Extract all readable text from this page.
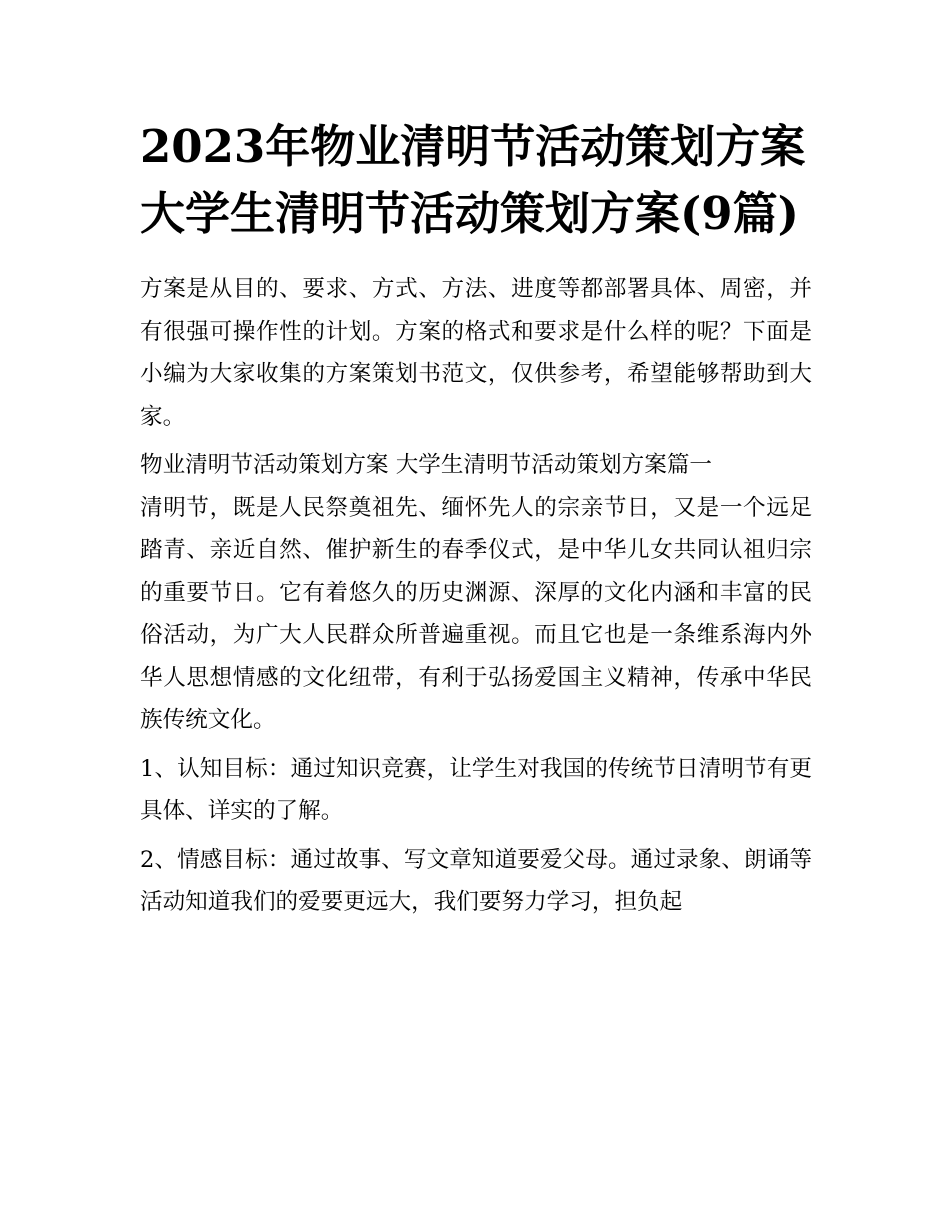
2023年物业清明节活动策划方案 大学生清明节活动策划方案(9篇)

方案是从目的、要求、方式、方法、进度等都部署具体、周密，并有很强可操作性的计划。方案的格式和要求是什么样的呢？下面是小编为大家收集的方案策划书范文，仅供参考，希望能够帮助到大家。

物业清明节活动策划方案 大学生清明节活动策划方案篇一

清明节，既是人民祭奠祖先、缅怀先人的宗亲节日，又是一个远足踏青、亲近自然、催护新生的春季仪式，是中华儿女共同认祖归宗的重要节日。它有着悠久的历史渊源、深厚的文化内涵和丰富的民俗活动，为广大人民群众所普遍重视。而且它也是一条维系海内外华人思想情感的文化纽带，有利于弘扬爱国主义精神，传承中华民族传统文化。

1、认知目标：通过知识竞赛，让学生对我国的传统节日清明节有更具体、详实的了解。

2、情感目标：通过故事、写文章知道要爱父母。通过录象、朗诵等活动知道我们的爱要更远大，我们要努力学习，担负起
